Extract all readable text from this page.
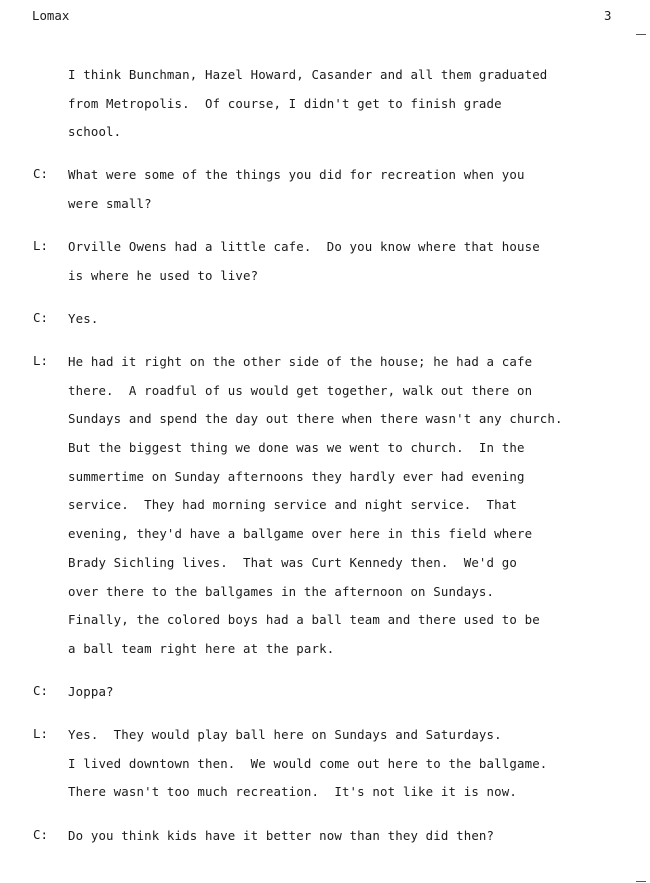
Lomax	3
I think Bunchman, Hazel Howard, Casander and all them graduated
from Metropolis.  Of course, I didn't get to finish grade
school.
C: What were some of the things you did for recreation when you
were small?
L: Orville Owens had a little cafe.  Do you know where that house
is where he used to live?
C: Yes.
L: He had it right on the other side of the house; he had a cafe
there.  A roadful of us would get together, walk out there on
Sundays and spend the day out there when there wasn't any church.
But the biggest thing we done was we went to church.  In the
summertime on Sunday afternoons they hardly ever had evening
service.  They had morning service and night service.  That
evening, they'd have a ballgame over here in this field where
Brady Sichling lives.  That was Curt Kennedy then.  We'd go
over there to the ballgames in the afternoon on Sundays.
Finally, the colored boys had a ball team and there used to be
a ball team right here at the park.
C: Joppa?
L: Yes.  They would play ball here on Sundays and Saturdays.
I lived downtown then.  We would come out here to the ballgame.
There wasn't too much recreation.  It's not like it is now.
C: Do you think kids have it better now than they did then?
